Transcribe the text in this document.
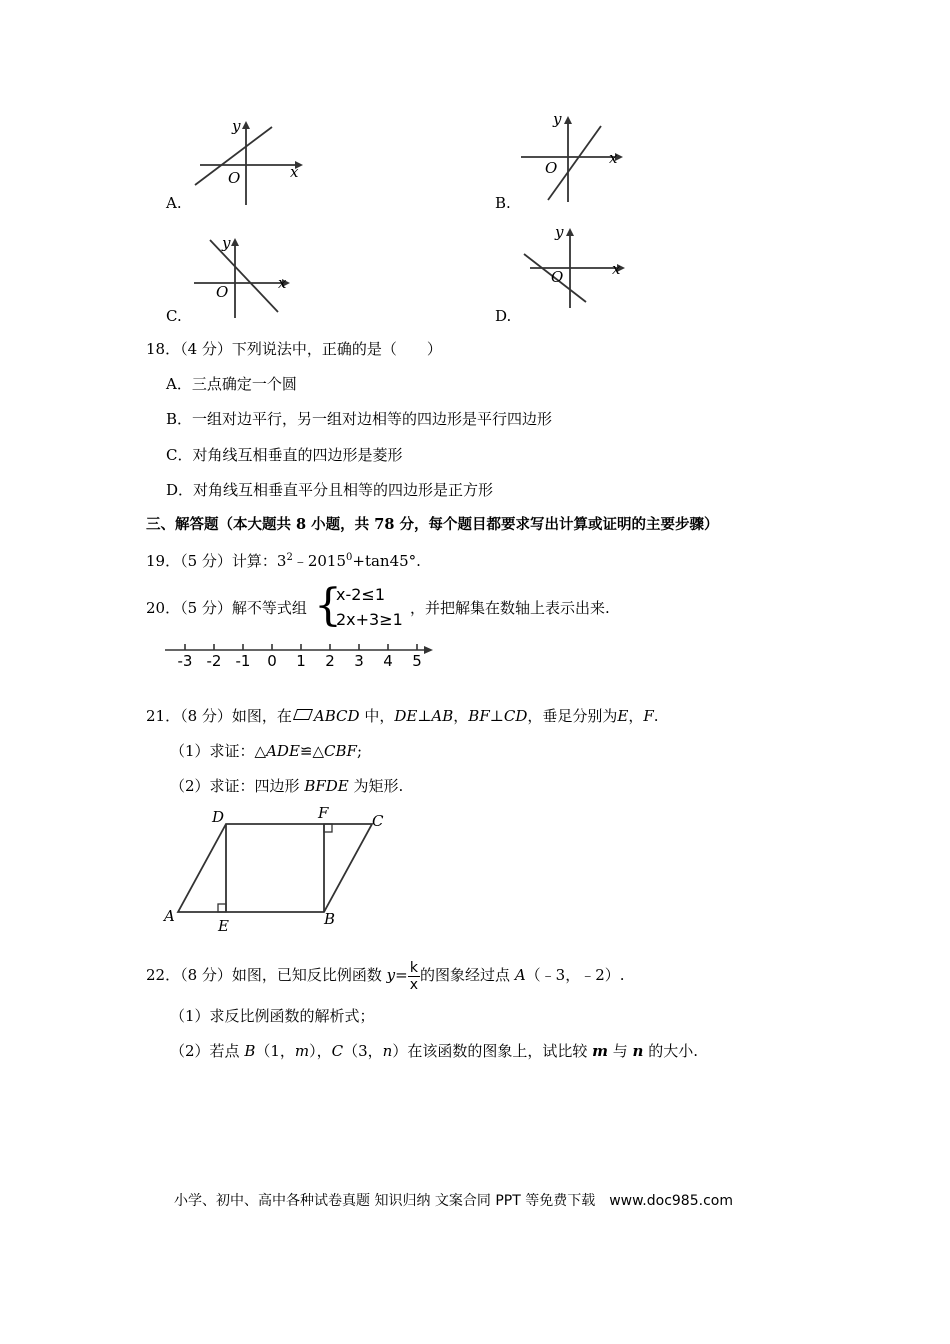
y
x
O
A.
y
x
O
B.
y
x
O
C.
y
x
O
D.
18．（4 分）下列说法中，正确的是（　　）
A．三点确定一个圆
B．一组对边平行，另一组对边相等的四边形是平行四边形
C．对角线互相垂直的四边形是菱形
D．对角线互相垂直平分且相等的四边形是正方形
三、解答题（本大题共 8 小题，共 78 分，每个题目都要求写出计算或证明的主要步骤）
19．（5 分）计算：$3^2﹣2015^0+\tan 45^\circ$.
20．（5 分）解不等式组 {
x-2≤1
2x+3≥1
，并把解集在数轴上表示出来.
-3 -2 -1	0	1	2	3	4	5
21．（8 分）如图，在 ABCD 中，DE⊥AB，BF⊥CD，垂足分别为E，F.
（1）求证：△ADE≌△CBF;
（2）求证：四边形 BFDE 为矩形.
D	F	C
A
E	B
22．（8 分）如图，已知反比例函数 $y= \frac{k}{x}$ 的图象经过点 A（﹣3，﹣2）.
（1）求反比例函数的解析式；
（2）若点 B（1，m），C（3，n）在该函数的图象上，试比较 m 与 n 的大小.
小学、初中、高中各种试卷真题 知识归纳 文案合同 PPT 等免费下载　www.doc985.com
